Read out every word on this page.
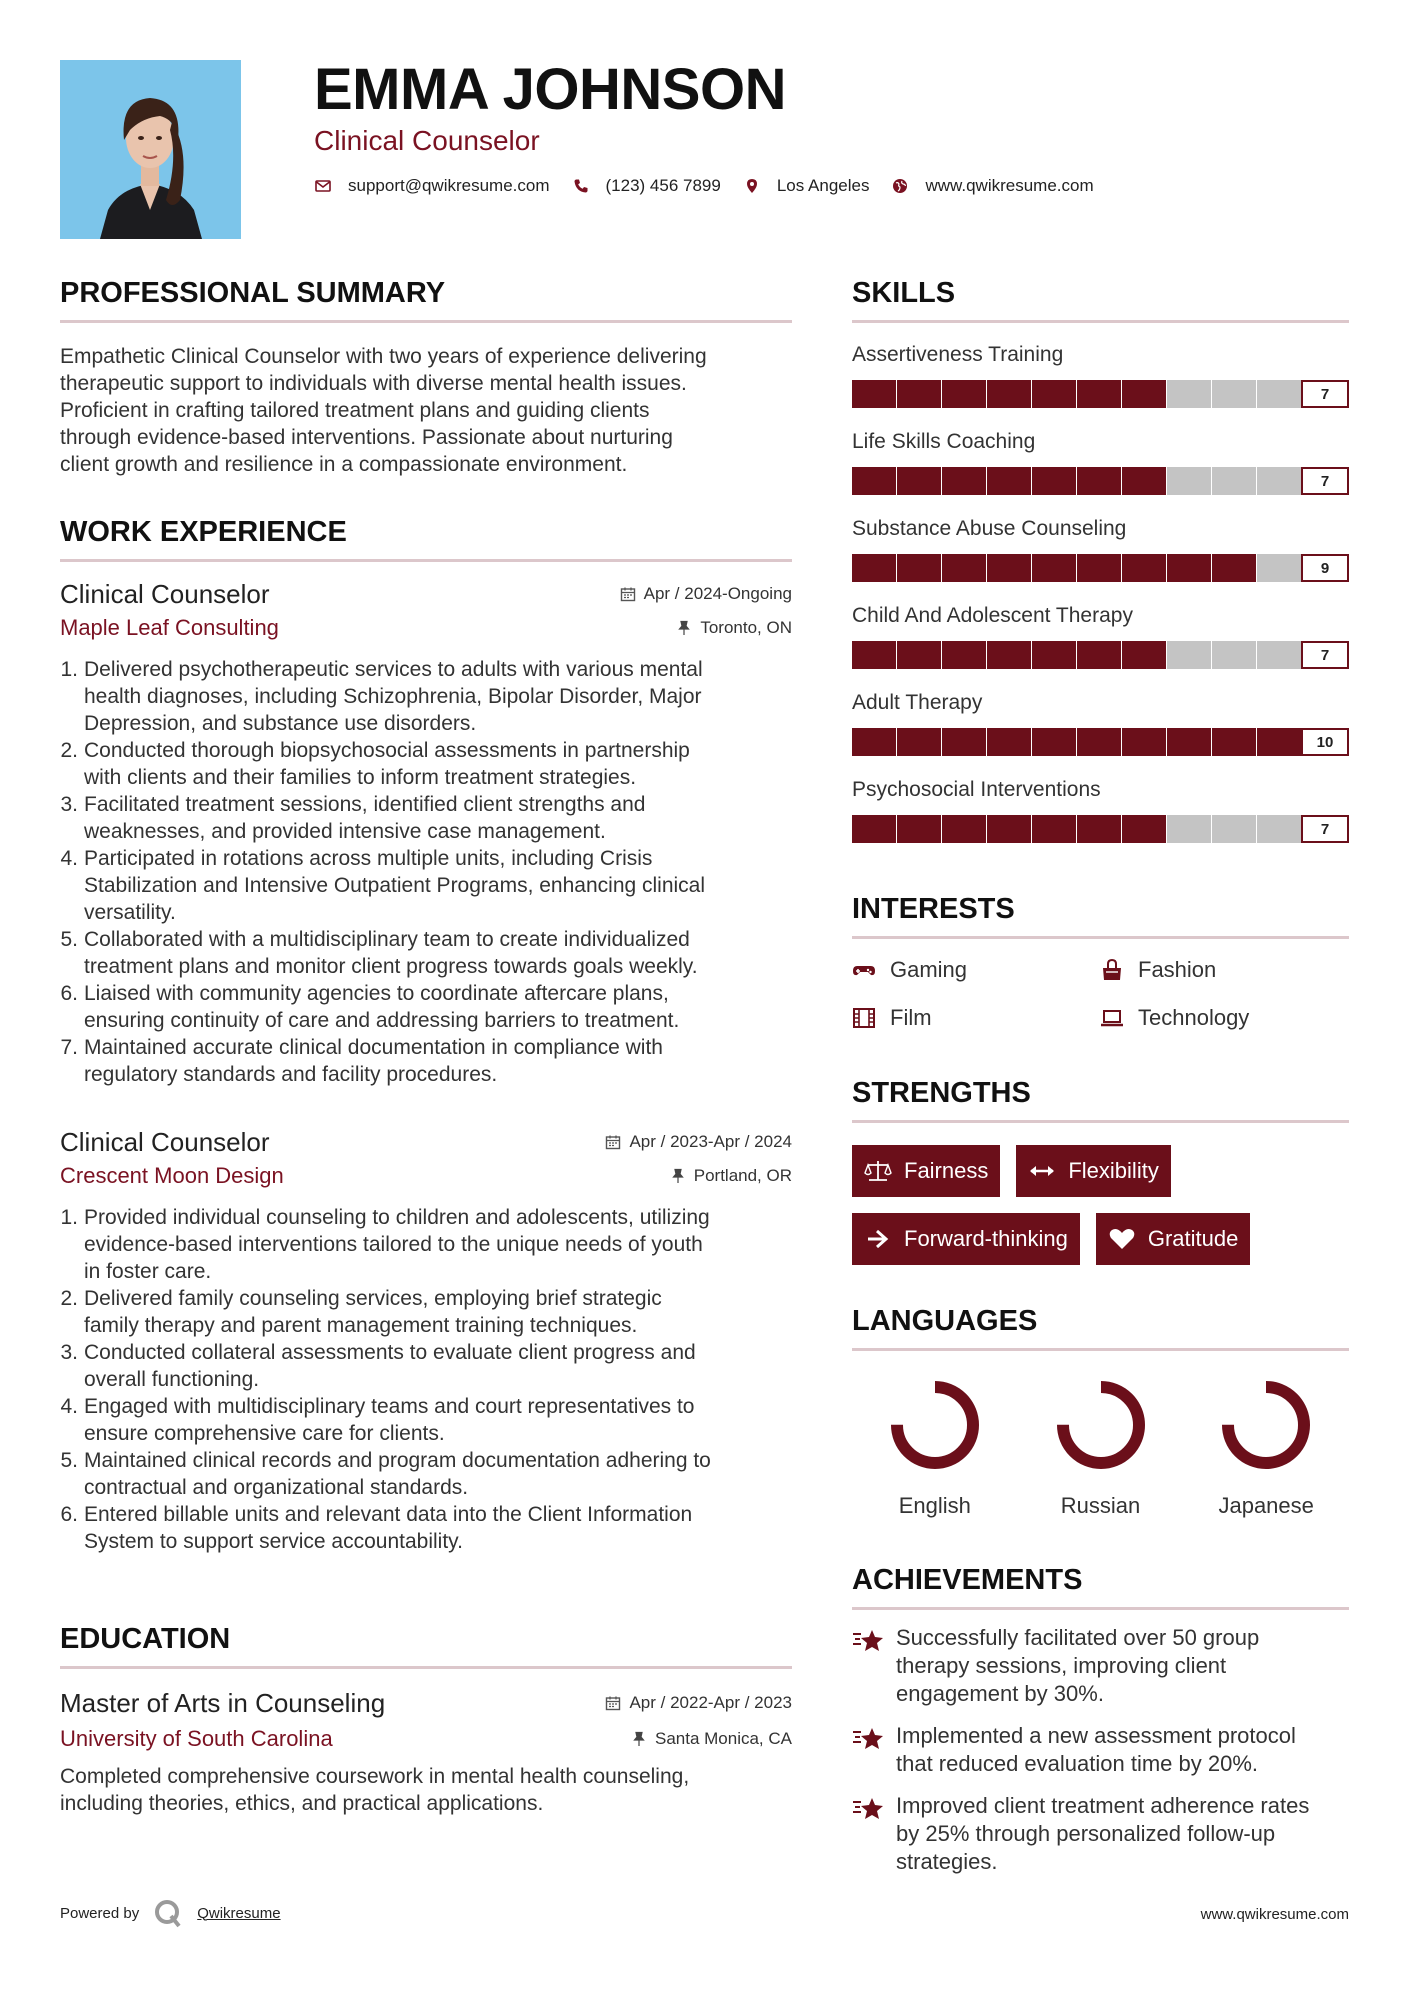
EMMA JOHNSON
Clinical Counselor
support@qwikresume.com	(123) 456 7899	Los Angeles	www.qwikresume.com
PROFESSIONAL SUMMARY
Empathetic Clinical Counselor with two years of experience delivering
therapeutic support to individuals with diverse mental health issues.
Proficient in crafting tailored treatment plans and guiding clients
through evidence-based interventions. Passionate about nurturing
client growth and resilience in a compassionate environment.
WORK EXPERIENCE
Clinical Counselor	Apr / 2024-Ongoing
Maple Leaf Consulting	Toronto, ON
1. Delivered psychotherapeutic services to adults with various mental
health diagnoses, including Schizophrenia, Bipolar Disorder, Major
Depression, and substance use disorders.
2. Conducted thorough biopsychosocial assessments in partnership
with clients and their families to inform treatment strategies.
3. Facilitated treatment sessions, identified client strengths and
weaknesses, and provided intensive case management.
4. Participated in rotations across multiple units, including Crisis
Stabilization and Intensive Outpatient Programs, enhancing clinical
versatility.
5. Collaborated with a multidisciplinary team to create individualized
treatment plans and monitor client progress towards goals weekly.
6. Liaised with community agencies to coordinate aftercare plans,
ensuring continuity of care and addressing barriers to treatment.
7. Maintained accurate clinical documentation in compliance with
regulatory standards and facility procedures.
Clinical Counselor	Apr / 2023-Apr / 2024
Crescent Moon Design	Portland, OR
1. Provided individual counseling to children and adolescents, utilizing
evidence-based interventions tailored to the unique needs of youth
in foster care.
2. Delivered family counseling services, employing brief strategic
family therapy and parent management training techniques.
3. Conducted collateral assessments to evaluate client progress and
overall functioning.
4. Engaged with multidisciplinary teams and court representatives to
ensure comprehensive care for clients.
5. Maintained clinical records and program documentation adhering to
contractual and organizational standards.
6. Entered billable units and relevant data into the Client Information
System to support service accountability.
EDUCATION
Master of Arts in Counseling	Apr / 2022-Apr / 2023
University of South Carolina	Santa Monica, CA
Completed comprehensive coursework in mental health counseling,
including theories, ethics, and practical applications.
SKILLS
Assertiveness Training
7
Life Skills Coaching
7
Substance Abuse Counseling
9
Child And Adolescent Therapy
7
Adult Therapy
10
Psychosocial Interventions
7
INTERESTS
Gaming	Fashion
Film	Technology
STRENGTHS
Fairness	Flexibility
Forward-thinking	Gratitude
LANGUAGES
English	Russian	Japanese
ACHIEVEMENTS
Successfully facilitated over 50 group
therapy sessions, improving client
engagement by 30%.
Implemented a new assessment protocol
that reduced evaluation time by 20%.
Improved client treatment adherence rates
by 25% through personalized follow-up
strategies.
Powered by	Qwikresume	www.qwikresume.com
